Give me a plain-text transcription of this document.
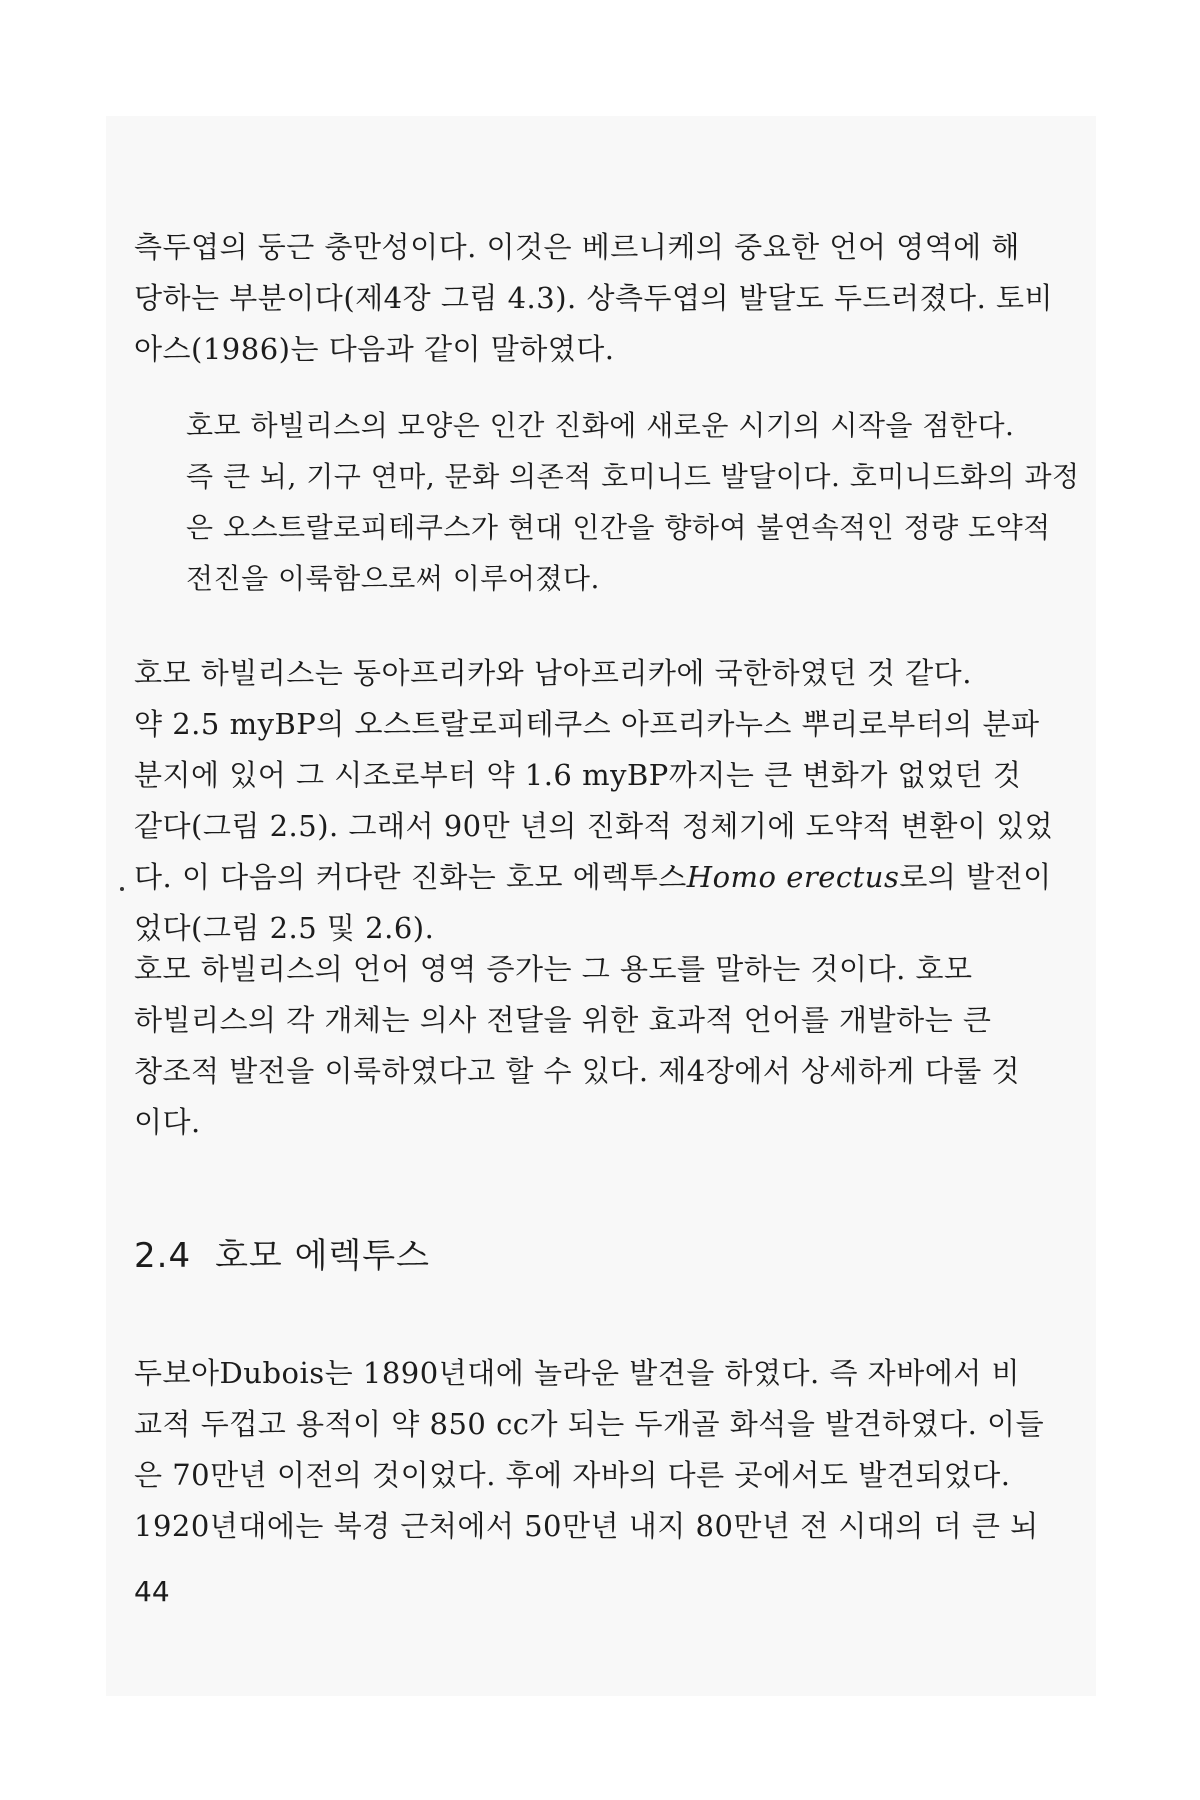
측두엽의 둥근 충만성이다. 이것은 베르니케의 중요한 언어 영역에 해
당하는 부분이다(제4장 그림 4.3). 상측두엽의 발달도 두드러졌다. 토비
아스(1986)는 다음과 같이 말하였다.
호모 하빌리스의 모양은 인간 진화에 새로운 시기의 시작을 점한다.
즉 큰 뇌, 기구 연마, 문화 의존적 호미니드 발달이다. 호미니드화의 과정
은 오스트랄로피테쿠스가 현대 인간을 향하여 불연속적인 정량 도약적
전진을 이룩함으로써 이루어졌다.
호모 하빌리스는 동아프리카와 남아프리카에 국한하였던 것 같다.
약 2.5 myBP의 오스트랄로피테쿠스 아프리카누스 뿌리로부터의 분파
분지에 있어 그 시조로부터 약 1.6 myBP까지는 큰 변화가 없었던 것
같다(그림 2.5). 그래서 90만 년의 진화적 정체기에 도약적 변환이 있었
다. 이 다음의 커다란 진화는 호모 에렉투스Homo erectus로의 발전이
었다(그림 2.5 및 2.6).
호모 하빌리스의 언어 영역 증가는 그 용도를 말하는 것이다. 호모
하빌리스의 각 개체는 의사 전달을 위한 효과적 언어를 개발하는 큰
창조적 발전을 이룩하였다고 할 수 있다. 제4장에서 상세하게 다룰 것
이다.
2.4 호모 에렉투스
두보아Dubois는 1890년대에 놀라운 발견을 하였다. 즉 자바에서 비
교적 두껍고 용적이 약 850 cc가 되는 두개골 화석을 발견하였다. 이들
은 70만년 이전의 것이었다. 후에 자바의 다른 곳에서도 발견되었다.
1920년대에는 북경 근처에서 50만년 내지 80만년 전 시대의 더 큰 뇌

44
